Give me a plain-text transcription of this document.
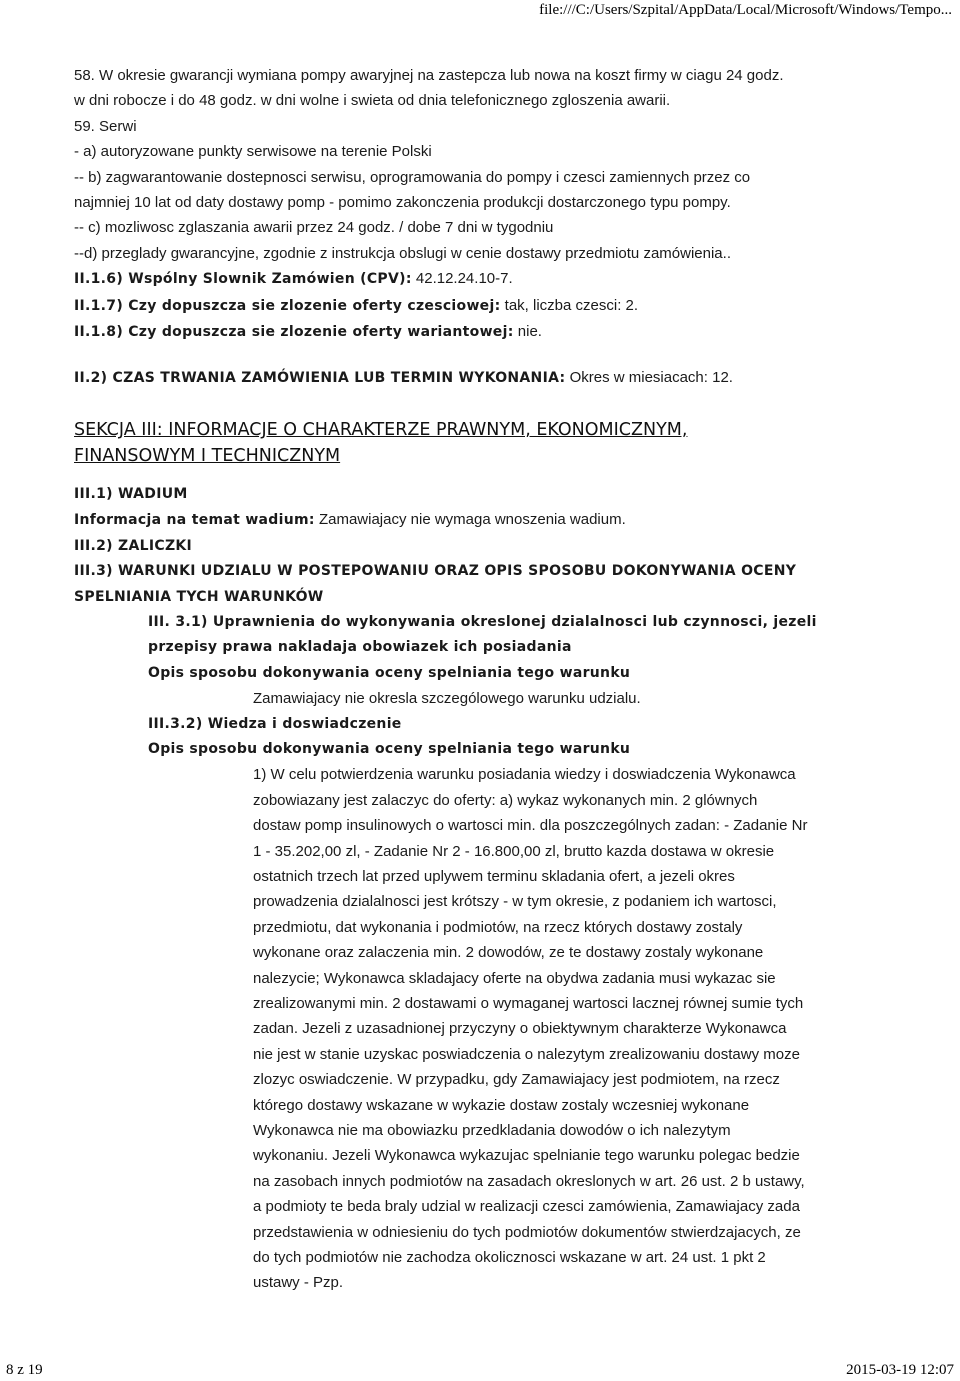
file:///C:/Users/Szpital/AppData/Local/Microsoft/Windows/Tempo...

58. W okresie gwarancji wymiana pompy awaryjnej na zastepcza lub nowa na koszt firmy w ciagu 24 godz.

w dni robocze i do 48 godz. w dni wolne i swieta od dnia telefonicznego zgloszenia awarii.

59. Serwi

- a) autoryzowane punkty serwisowe na terenie Polski

-- b) zagwarantowanie dostepnosci serwisu, oprogramowania do pompy i czesci zamiennych przez co

najmniej 10 lat od daty dostawy pomp - pomimo zakonczenia produkcji dostarczonego typu pompy.

-- c) mozliwosc zglaszania awarii przez 24 godz. / dobe 7 dni w tygodniu

--d) przeglady gwarancyjne, zgodnie z instrukcja obslugi w cenie dostawy przedmiotu zamówienia..

II.1.6) Wspólny Slownik Zamówien (CPV): 42.12.24.10-7.

II.1.7) Czy dopuszcza sie zlozenie oferty czesciowej: tak, liczba czesci: 2.

II.1.8) Czy dopuszcza sie zlozenie oferty wariantowej: nie.

II.2) CZAS TRWANIA ZAMÓWIENIA LUB TERMIN WYKONANIA: Okres w miesiacach: 12.

SEKCJA III: INFORMACJE O CHARAKTERZE PRAWNYM, EKONOMICZNYM,
FINANSOWYM I TECHNICZNYM

III.1) WADIUM

Informacja na temat wadium: Zamawiajacy nie wymaga wnoszenia wadium.

III.2) ZALICZKI

III.3) WARUNKI UDZIALU W POSTEPOWANIU ORAZ OPIS SPOSOBU DOKONYWANIA OCENY

SPELNIANIA TYCH WARUNKÓW

III. 3.1) Uprawnienia do wykonywania okreslonej dzialalnosci lub czynnosci, jezeli

przepisy prawa nakladaja obowiazek ich posiadania

Opis sposobu dokonywania oceny spelniania tego warunku

Zamawiajacy nie okresla szczególowego warunku udzialu.

III.3.2) Wiedza i doswiadczenie

Opis sposobu dokonywania oceny spelniania tego warunku

1) W celu potwierdzenia warunku posiadania wiedzy i doswiadczenia Wykonawca

zobowiazany jest zalaczyc do oferty: a) wykaz wykonanych min. 2 glównych

dostaw pomp insulinowych o wartosci min. dla poszczególnych zadan: - Zadanie Nr

1 - 35.202,00 zl, - Zadanie Nr 2 - 16.800,00 zl, brutto kazda dostawa w okresie

ostatnich trzech lat przed uplywem terminu skladania ofert, a jezeli okres

prowadzenia dzialalnosci jest krótszy - w tym okresie, z podaniem ich wartosci,

przedmiotu, dat wykonania i podmiotów, na rzecz których dostawy zostaly

wykonane oraz zalaczenia min. 2 dowodów, ze te dostawy zostaly wykonane

nalezycie; Wykonawca skladajacy oferte na obydwa zadania musi wykazac sie

zrealizowanymi min. 2 dostawami o wymaganej wartosci lacznej równej sumie tych

zadan. Jezeli z uzasadnionej przyczyny o obiektywnym charakterze Wykonawca

nie jest w stanie uzyskac poswiadczenia o nalezytym zrealizowaniu dostawy moze

zlozyc oswiadczenie. W przypadku, gdy Zamawiajacy jest podmiotem, na rzecz

którego dostawy wskazane w wykazie dostaw zostaly wczesniej wykonane

Wykonawca nie ma obowiazku przedkladania dowodów o ich nalezytym

wykonaniu. Jezeli Wykonawca wykazujac spelnianie tego warunku polegac bedzie

na zasobach innych podmiotów na zasadach okreslonych w art. 26 ust. 2 b ustawy,

a podmioty te beda braly udzial w realizacji czesci zamówienia, Zamawiajacy zada

przedstawienia w odniesieniu do tych podmiotów dokumentów stwierdzajacych, ze

do tych podmiotów nie zachodza okolicznosci wskazane w art. 24 ust. 1 pkt 2

ustawy - Pzp.

8 z 19	2015-03-19 12:07
